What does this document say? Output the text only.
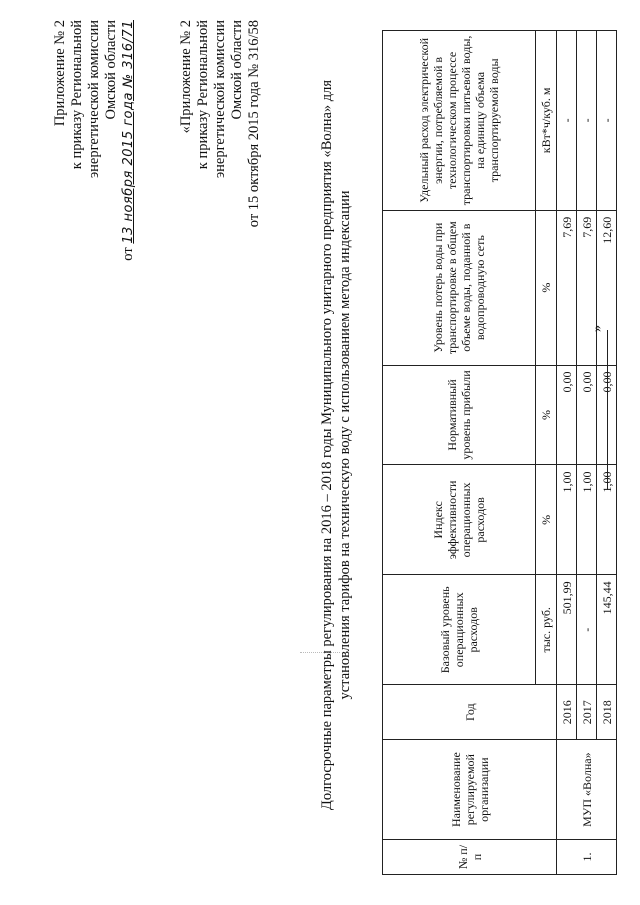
Приложение № 2 к приказу Региональной энергетической комиссии Омской области
от 13 ноября 2015 года № 316/71	«Приложение № 2 к приказу Региональной энергетической комиссии Омской области от 15 октября 2015 года № 316/58	Долгосрочные параметры регулирования на 2016 – 2018 годы Муниципального унитарного предприятия «Волна» для установления тарифов на техническую воду с использованием метода индексации
№ п/п	Наименование регулируемой организации	Год	Базовый уровень операционных расходов	Индекс эффективности операционных расходов	Нормативный уровень прибыли	Уровень потерь воды при транспортировке в общем объеме воды, поданной в водопроводную сеть	Удельный расход электрической энергии, потребляемой в технологическом процессе транспортировки питьевой воды, на единицу объема транспортируемой воды
			тыс. руб.	%	%	%	кВт*ч/куб. м
1.	МУП «Волна»	2016	501,99	1,00	0,00	7,69	-
		2017	-	1,00	0,00	7,69	-
		2018	145,44	1,00	0,00	12,60	-
»
